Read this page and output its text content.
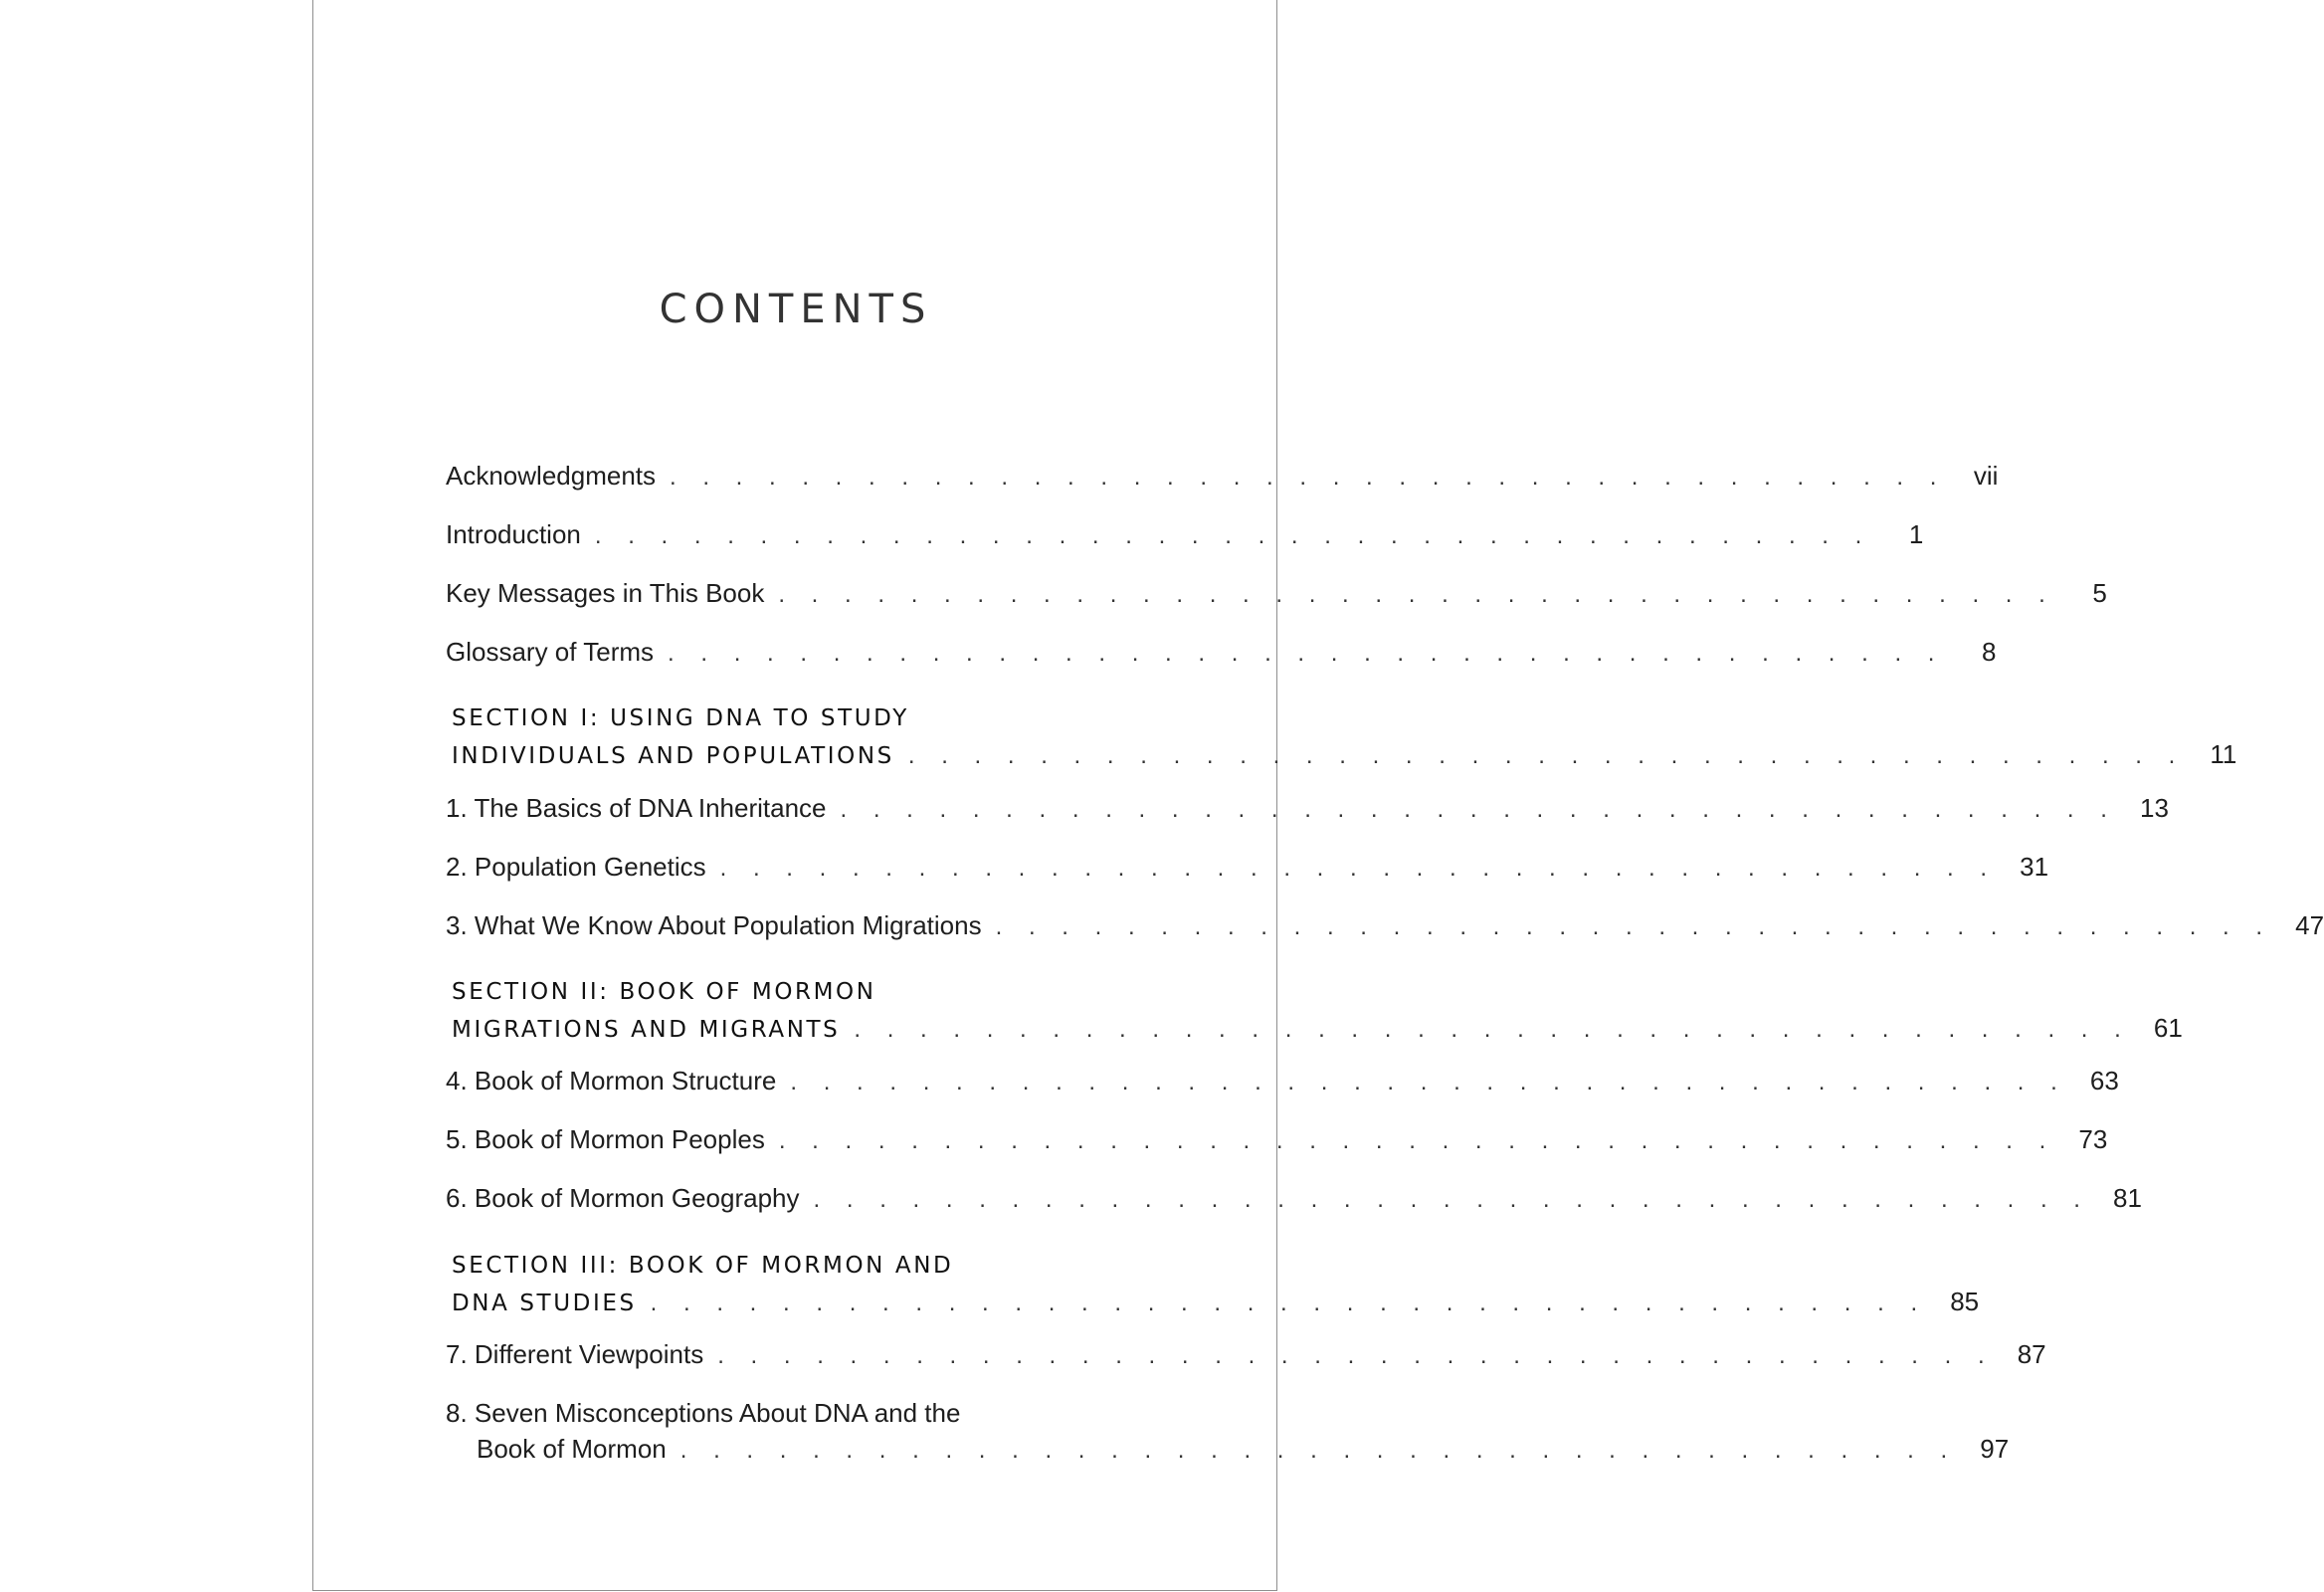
CONTENTS
Acknowledgments . . . . . . . . . . . . . . . . . . . . . . . . . . . . . . . . . . . . . . .	vii
Introduction . . . . . . . . . . . . . . . . . . . . . . . . . . . . . . . . . . . . . . .	1
Key Messages in This Book . . . . . . . . . . . . . . . . . . . . . . . . . . . . . . . . . . . . . . .	5
Glossary of Terms . . . . . . . . . . . . . . . . . . . . . . . . . . . . . . . . . . . . . . .	8
SECTION I: USING DNA TO STUDY
INDIVIDUALS AND POPULATIONS . . . . . . . . . . . . . . . . . . . . . . . . . . . . . . . . . . . . . . . 11
1. The Basics of DNA Inheritance . . . . . . . . . . . . . . . . . . . . . . . . . . . . . . . . . . . . . . . 13
2. Population Genetics . . . . . . . . . . . . . . . . . . . . . . . . . . . . . . . . . . . . . . . 31
3. What We Know About Population Migrations . . . . . . . . . . . . . . . . . . . . . . . . . . . . . . . . . . . . . . . 47
SECTION II: BOOK OF MORMON
MIGRATIONS AND MIGRANTS . . . . . . . . . . . . . . . . . . . . . . . . . . . . . . . . . . . . . . . 61
4. Book of Mormon Structure . . . . . . . . . . . . . . . . . . . . . . . . . . . . . . . . . . . . . . . 63
5. Book of Mormon Peoples . . . . . . . . . . . . . . . . . . . . . . . . . . . . . . . . . . . . . . . 73
6. Book of Mormon Geography . . . . . . . . . . . . . . . . . . . . . . . . . . . . . . . . . . . . . . . 81
SECTION III: BOOK OF MORMON AND
DNA STUDIES . . . . . . . . . . . . . . . . . . . . . . . . . . . . . . . . . . . . . . . 85
7. Different Viewpoints . . . . . . . . . . . . . . . . . . . . . . . . . . . . . . . . . . . . . . . 87
8. Seven Misconceptions About DNA and the
Book of Mormon . . . . . . . . . . . . . . . . . . . . . . . . . . . . . . . . . . . . . . . 97
